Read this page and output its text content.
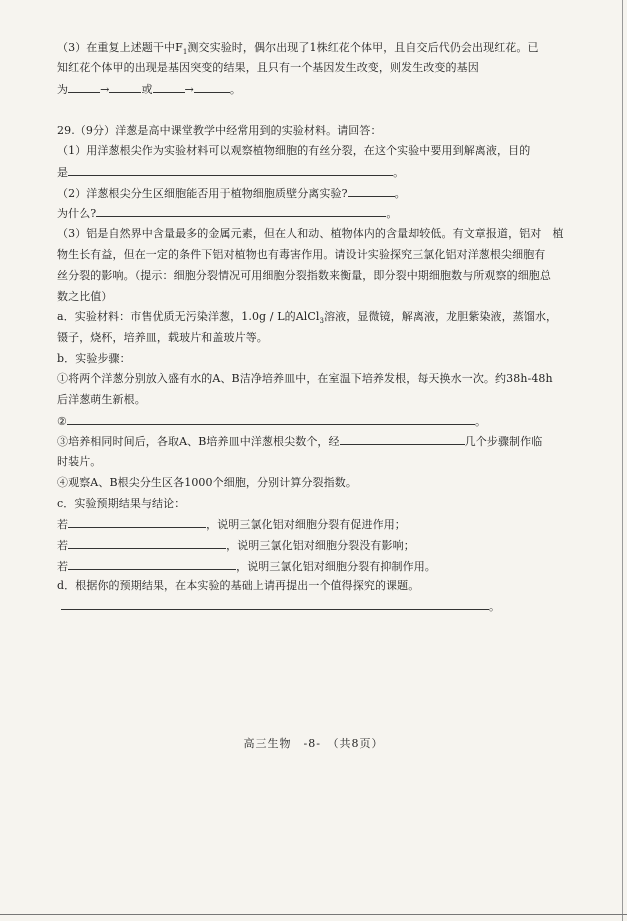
（3）在重复上述题干中$F_1$测交实验时，偶尔出现了1株红花个体甲，且自交后代仍会出现红花。已
知红花个体甲的出现是基因突变的结果，且只有一个基因发生改变，则发生改变的基因
为	→	或	→	。
29.（9分）洋葱是高中课堂教学中经常用到的实验材料。请回答：
（1）用洋葱根尖作为实验材料可以观察植物细胞的有丝分裂，在这个实验中要用到解离液，目的
是	。
（2）洋葱根尖分生区细胞能否用于植物细胞质壁分离实验?	。
为什么?	。
（3）铝是自然界中含量最多的金属元素，但在人和动、植物体内的含量却较低。有文章报道，铝对　植
物生长有益，但在一定的条件下铝对植物也有毒害作用。请设计实验探究三氯化铝对洋葱根尖细胞有
丝分裂的影响。（提示：细胞分裂情况可用细胞分裂指数来衡量，即分裂中期细胞数与所观察的细胞总
数之比值）
a．实验材料：市售优质无污染洋葱，1.0g / L的AlCl$_3$溶液，显微镜，解离液，龙胆紫染液，蒸馏水，
镊子，烧杯，培养皿，载玻片和盖玻片等。
b．实验步骤：
①将两个洋葱分别放入盛有水的A、B洁净培养皿中，在室温下培养发根，每天换水一次。约38h-48h
后洋葱萌生新根。
②	。
③培养相同时间后，各取A、B培养皿中洋葱根尖数个，经	几个步骤制作临
时装片。
④观察A、B根尖分生区各1000个细胞，分别计算分裂指数。
c．实验预期结果与结论：
若	，说明三氯化铝对细胞分裂有促进作用；
若	，说明三氯化铝对细胞分裂没有影响；
若	，说明三氯化铝对细胞分裂有抑制作用。
d．根据你的预期结果，在本实验的基础上请再提出一个值得探究的课题。
。
高三生物　-8-　（共8页）
